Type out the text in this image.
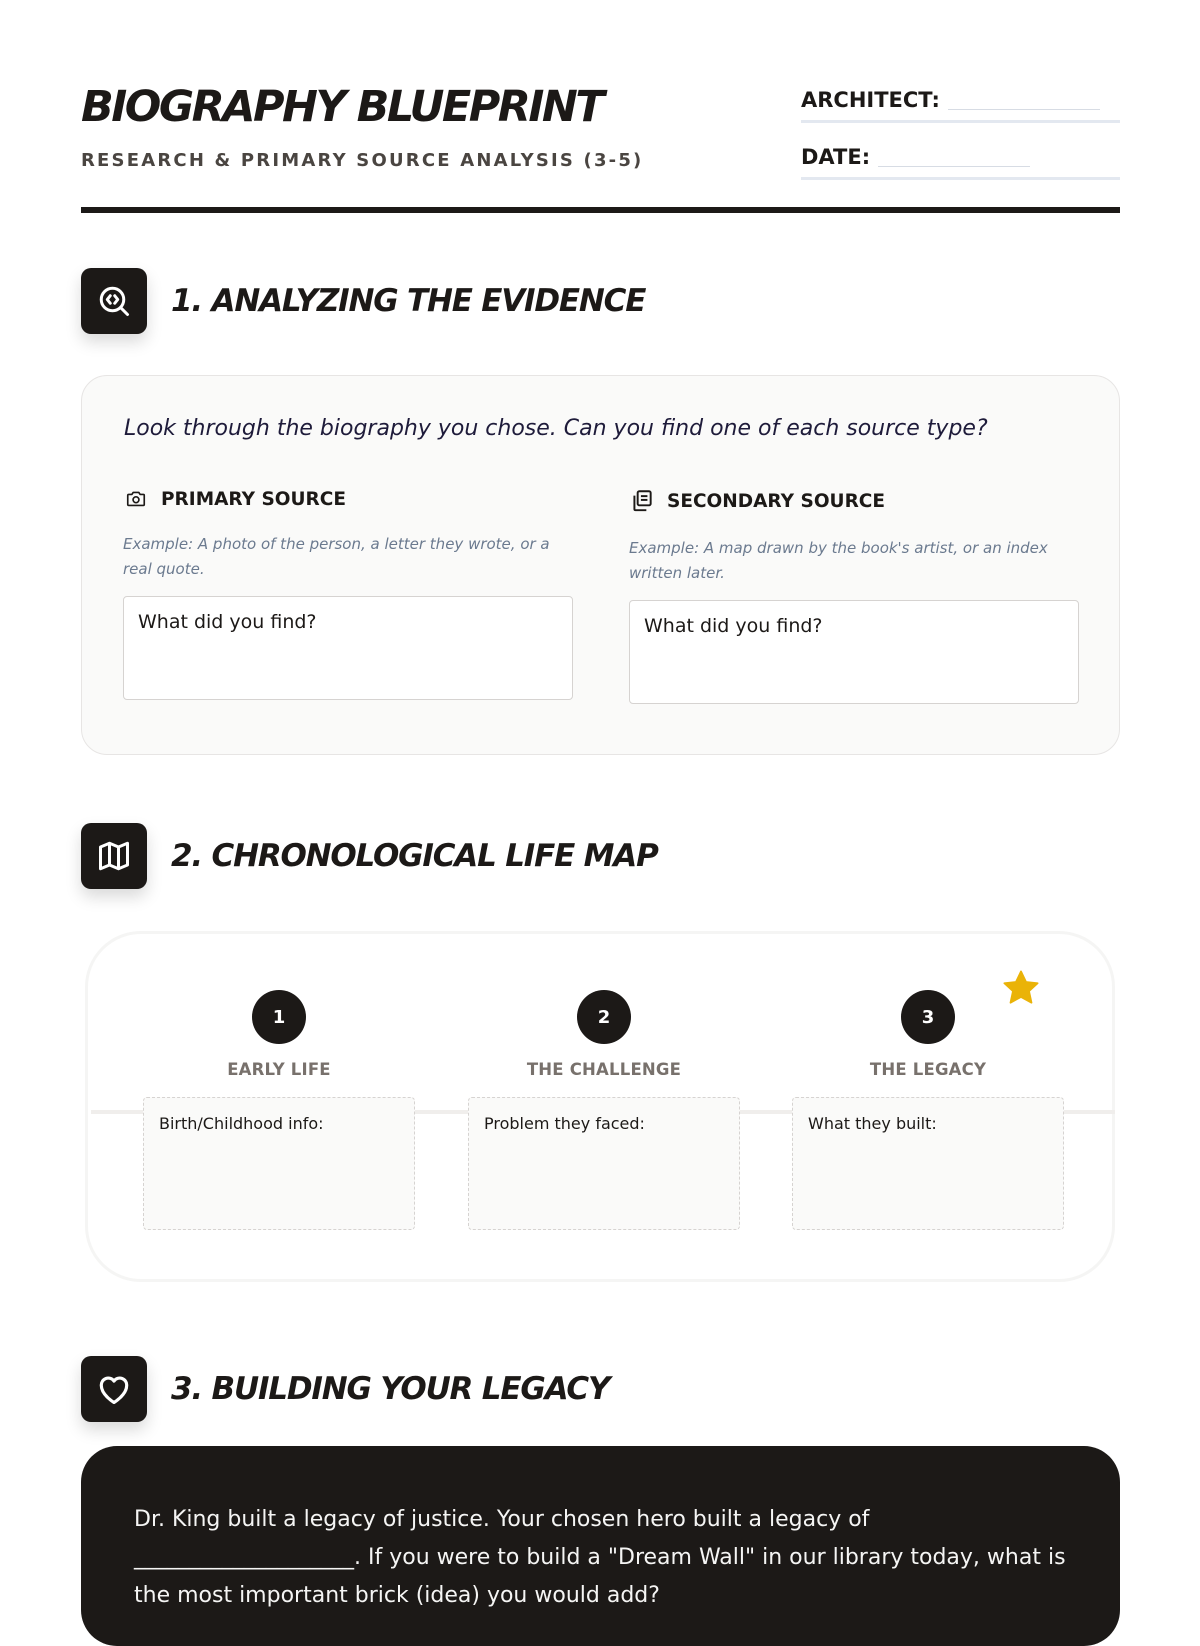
BIOGRAPHY BLUEPRINT
RESEARCH & PRIMARY SOURCE ANALYSIS (3-5)
ARCHITECT:
DATE:
1. ANALYZING THE EVIDENCE
Look through the biography you chose. Can you find one of each source type?
PRIMARY SOURCE
Example: A photo of the person, a letter they wrote, or a real quote.
What did you find?
SECONDARY SOURCE
Example: A map drawn by the book's artist, or an index written later.
What did you find?
2. CHRONOLOGICAL LIFE MAP
1
EARLY LIFE
Birth/Childhood info:
2
THE CHALLENGE
Problem they faced:
3
THE LEGACY
What they built:
3. BUILDING YOUR LEGACY
Dr. King built a legacy of justice. Your chosen hero built a legacy of ____________________. If you were to build a "Dream Wall" in our library today, what is the most important brick (idea) you would add?
